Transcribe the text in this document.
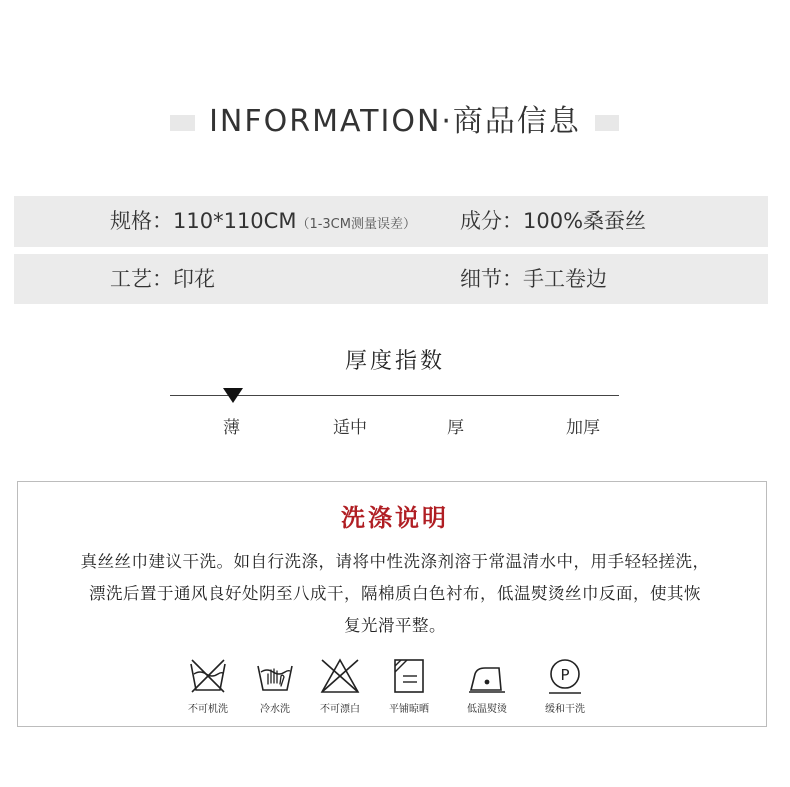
INFORMATION·商品信息
规格：110*110CM（1-3CM测量误差） 成分：100%桑蚕丝
工艺：印花	细节：手工卷边
厚度指数
薄	适中	厚	加厚
洗涤说明
真丝丝巾建议干洗。如自行洗涤，请将中性洗涤剂溶于常温清水中，用手轻轻搓洗，
漂洗后置于通风良好处阴至八成干，隔棉质白色衬布，低温熨烫丝巾反面，使其恢
复光滑平整。
不可机洗	冷水洗	不可漂白	平铺晾晒	低温熨烫
P
缓和干洗
